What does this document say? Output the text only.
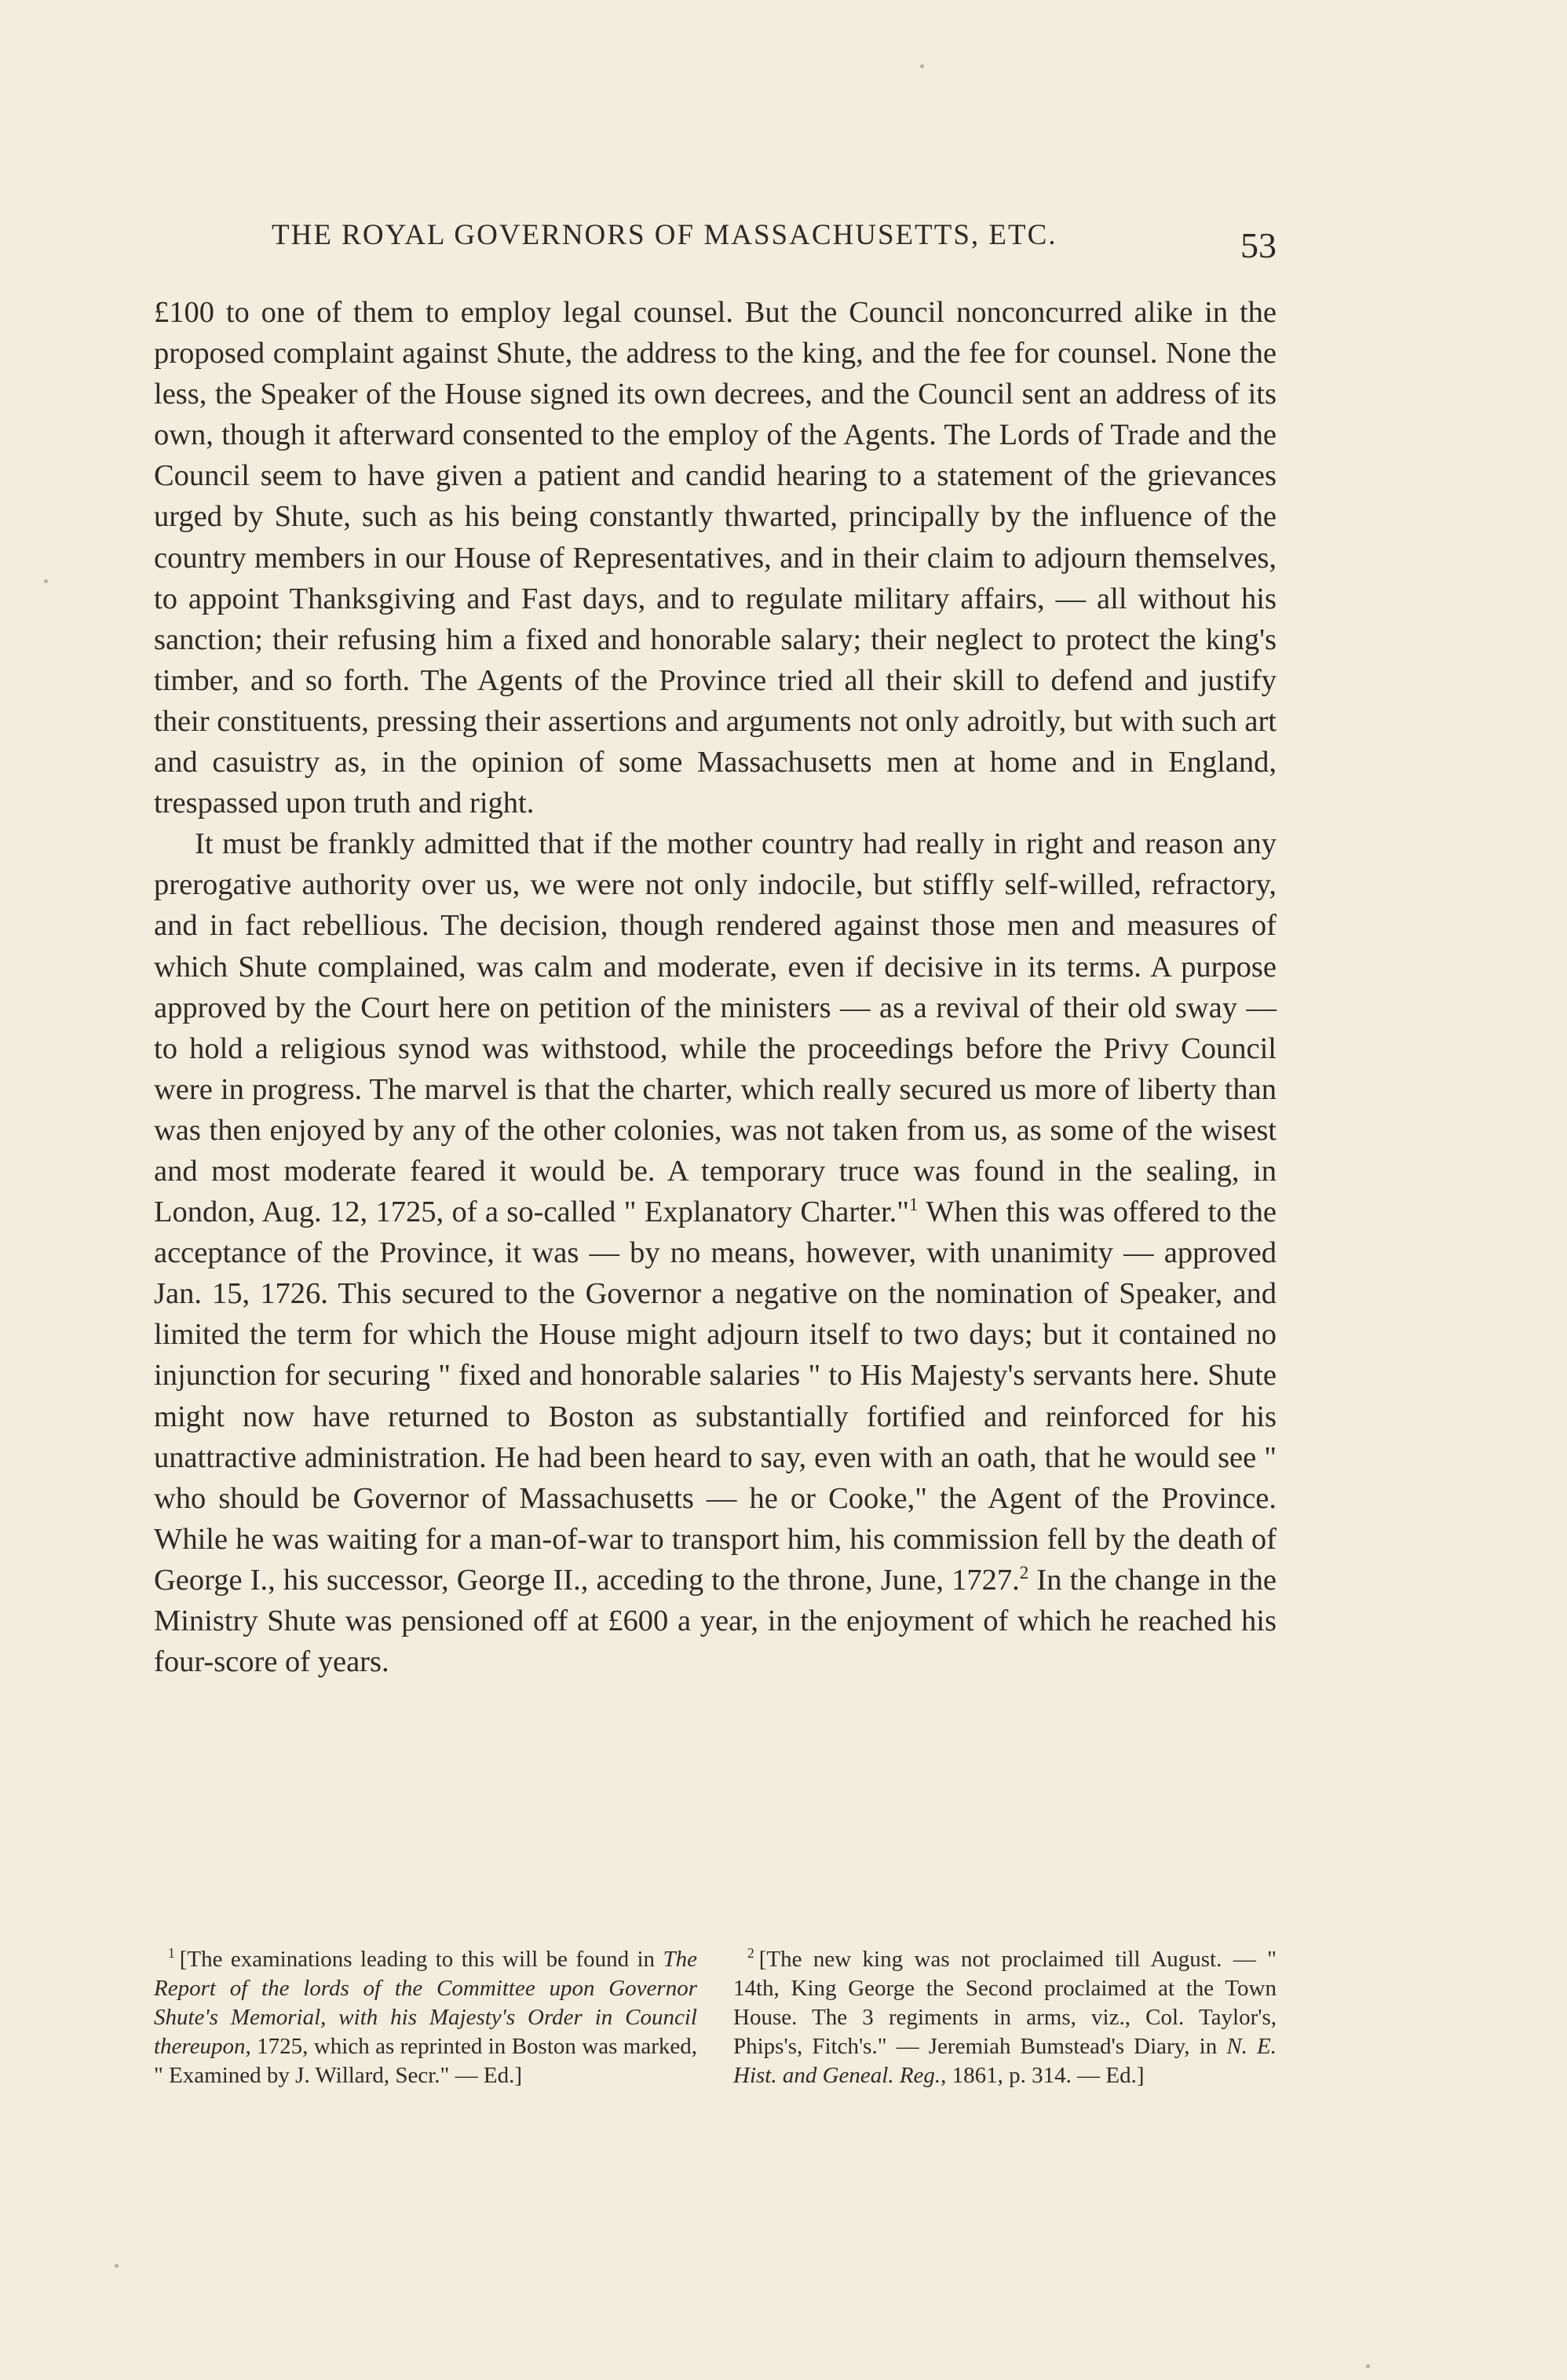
THE ROYAL GOVERNORS OF MASSACHUSETTS, ETC.	53

£100 to one of them to employ legal counsel. But the Council nonconcurred alike in the proposed complaint against Shute, the address to the king, and the fee for counsel. None the less, the Speaker of the House signed its own decrees, and the Council sent an address of its own, though it afterward consented to the employ of the Agents. The Lords of Trade and the Council seem to have given a patient and candid hearing to a statement of the grievances urged by Shute, such as his being constantly thwarted, principally by the influence of the country members in our House of Representatives, and in their claim to adjourn themselves, to appoint Thanksgiving and Fast days, and to regulate military affairs, — all without his sanction; their refusing him a fixed and honorable salary; their neglect to protect the king's timber, and so forth. The Agents of the Province tried all their skill to defend and justify their constituents, pressing their assertions and arguments not only adroitly, but with such art and casuistry as, in the opinion of some Massachusetts men at home and in England, trespassed upon truth and right.

It must be frankly admitted that if the mother country had really in right and reason any prerogative authority over us, we were not only indocile, but stiffly self-willed, refractory, and in fact rebellious. The decision, though rendered against those men and measures of which Shute complained, was calm and moderate, even if decisive in its terms. A purpose approved by the Court here on petition of the ministers — as a revival of their old sway — to hold a religious synod was withstood, while the proceedings before the Privy Council were in progress. The marvel is that the charter, which really secured us more of liberty than was then enjoyed by any of the other colonies, was not taken from us, as some of the wisest and most moderate feared it would be. A temporary truce was found in the sealing, in London, Aug. 12, 1725, of a so-called " Explanatory Charter."$^1$ When this was offered to the acceptance of the Province, it was — by no means, however, with unanimity — approved Jan. 15, 1726. This secured to the Governor a negative on the nomination of Speaker, and limited the term for which the House might adjourn itself to two days; but it contained no injunction for securing " fixed and honorable salaries " to His Majesty's servants here. Shute might now have returned to Boston as substantially fortified and reinforced for his unattractive administration. He had been heard to say, even with an oath, that he would see " who should be Governor of Massachusetts — he or Cooke," the Agent of the Province. While he was waiting for a man-of-war to transport him, his commission fell by the death of George I., his successor, George II., acceding to the throne, June, 1727.$^2$ In the change in the Ministry Shute was pensioned off at £600 a year, in the enjoyment of which he reached his four-score of years.

$^1$ [The examinations leading to this will be found in The Report of the lords of the Committee upon Governor Shute's Memorial, with his Majesty's Order in Council thereupon, 1725, which as reprinted in Boston was marked, " Examined by J. Willard, Secr." — Ed.]
$^2$ [The new king was not proclaimed till August. — " 14th, King George the Second proclaimed at the Town House. The 3 regiments in arms, viz., Col. Taylor's, Phips's, Fitch's." — Jeremiah Bumstead's Diary, in N. E. Hist. and Geneal. Reg., 1861, p. 314. — Ed.]
